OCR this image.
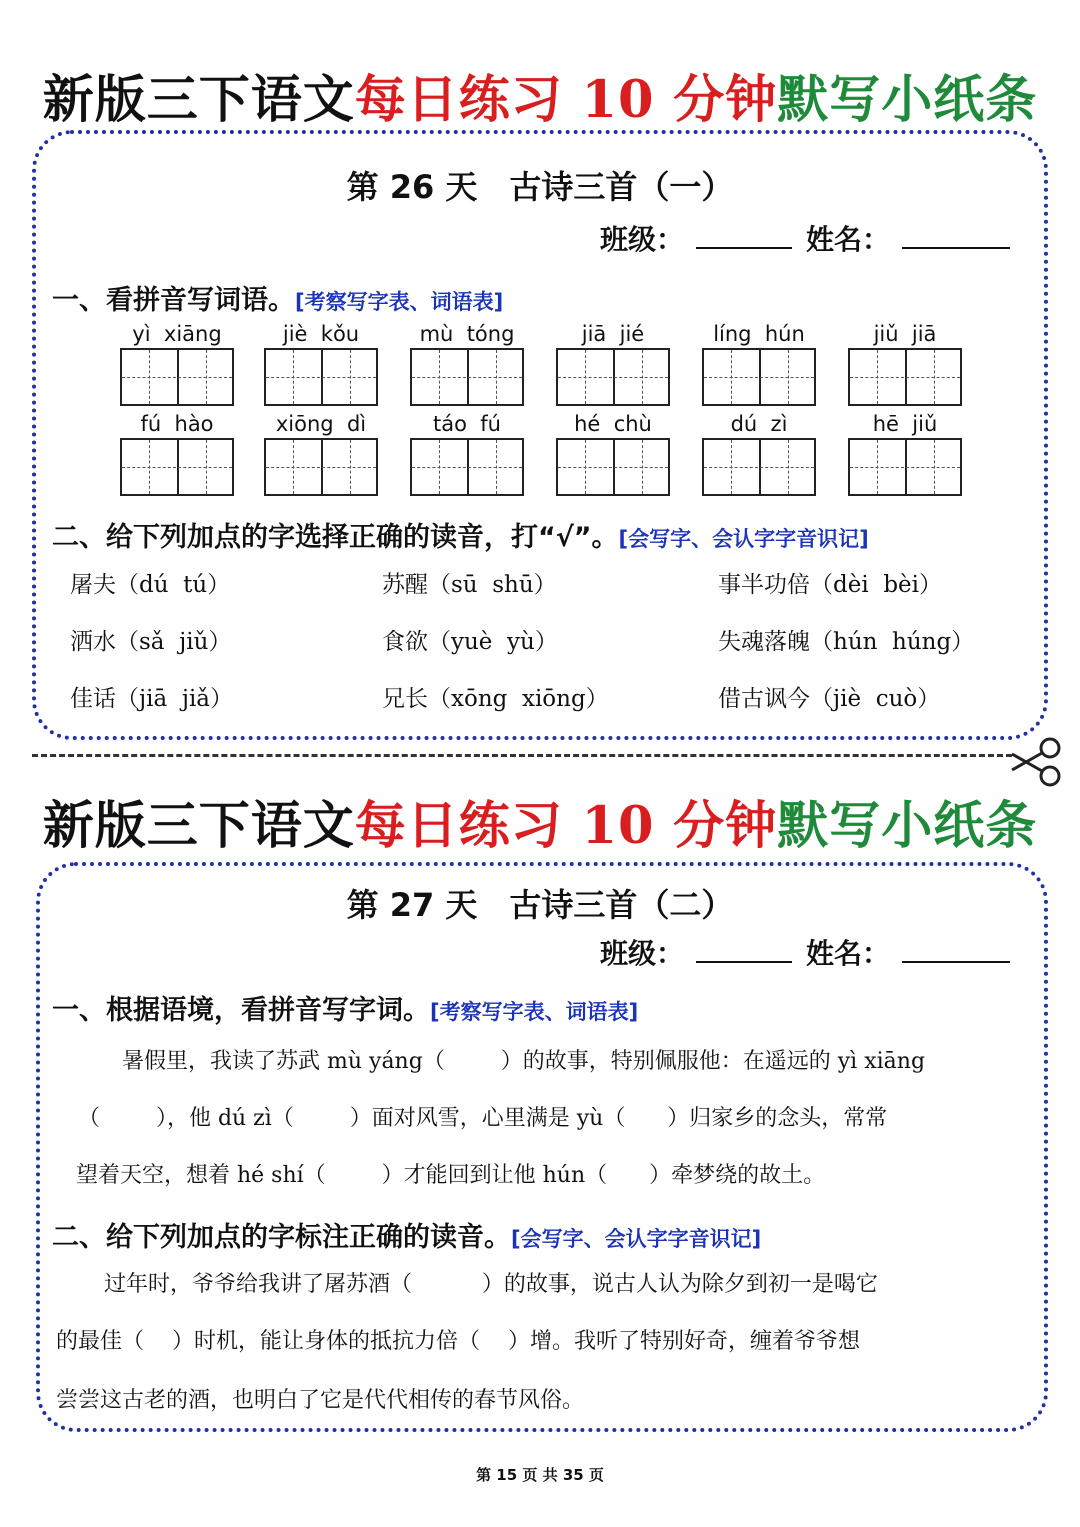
新版三下语文每日练习 10 分钟默写小纸条
第 26 天　古诗三首（一）
班级：	姓名：
一、看拼音写词语。[考察写字表、词语表]
yì  xiāng	jiè  kǒu	mù  tóng	jiā  jié	líng  hún	jiǔ  jiā
fú  hào	xiōng  dì	táo  fú	hé  chù	dú  zì	hē  jiǔ
二、给下列加点的字选择正确的读音，打“√”。[会写字、会认字字音识记]
屠夫（dú  tú）	苏醒（sū  shū）	事半功倍（dèi  bèi）
洒水（sǎ  jiǔ）	食欲（yuè  yù）	失魂落魄（hún  húng）
佳话（jiā  jiǎ）	兄长（xōng  xiōng）	借古讽今（jiè  cuò）
新版三下语文每日练习 10 分钟默写小纸条
第 27 天　古诗三首（二）
班级：	姓名：
一、根据语境，看拼音写字词。[考察写字表、词语表]
暑假里，我读了苏武 mù yáng（        ）的故事，特别佩服他：在遥远的 yì xiāng
（        ），他 dú zì（        ）面对风雪，心里满是 yù（      ）归家乡的念头，常常
望着天空，想着 hé shí（        ）才能回到让他 hún（      ）牵梦绕的故土。
二、给下列加点的字标注正确的读音。[会写字、会认字字音识记]
过年时，爷爷给我讲了屠苏酒（          ）的故事，说古人认为除夕到初一是喝它
的最佳（    ）时机，能让身体的抵抗力倍（    ）增。我听了特别好奇，缠着爷爷想
尝尝这古老的酒，也明白了它是代代相传的春节风俗。
第 15 页 共 35 页
